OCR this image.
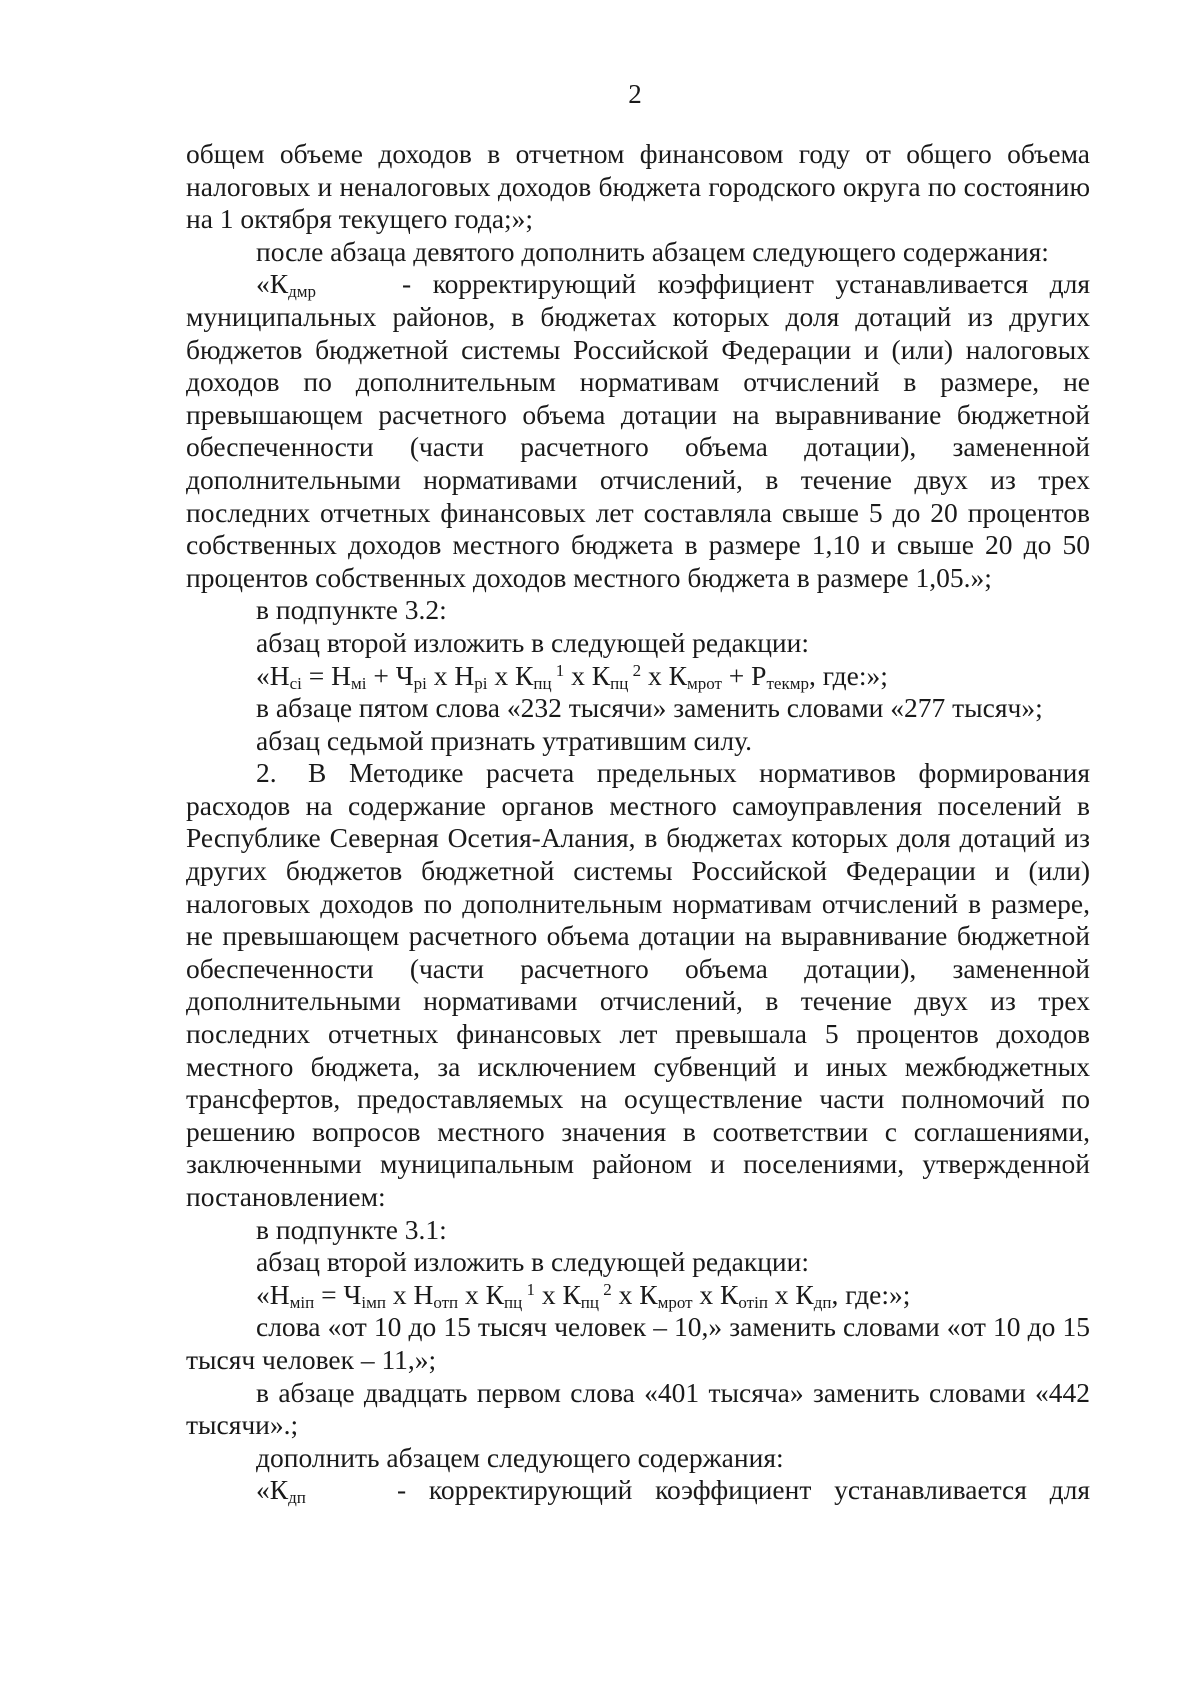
2

общем объеме доходов в отчетном финансовом году от общего объема налоговых и неналоговых доходов бюджета городского округа по состоянию на 1 октября текущего года;»;

после абзаца девятого дополнить абзацем следующего содержания:

«$К_{дмр}$	- корректирующий коэффициент устанавливается для муниципальных районов, в бюджетах которых доля дотаций из других бюджетов бюджетной системы Российской Федерации и (или) налоговых доходов по дополнительным нормативам отчислений в размере, не превышающем расчетного объема дотации на выравнивание бюджетной обеспеченности (части расчетного объема дотации), замененной дополнительными нормативами отчислений, в течение двух из трех последних отчетных финансовых лет составляла свыше 5 до 20 процентов собственных доходов местного бюджета в размере 1,10 и свыше 20 до 50 процентов собственных доходов местного бюджета в размере 1,05.»;

в подпункте 3.2:

абзац второй изложить в следующей редакции:

«$Н_{сi} = Н_{мi} + Ч_{рi}$ х $Н_{рi}$ х $К_{пц}$ $^1$ х $К_{пц}$ $^2$ х $К_{мрот} + Р_{текмр}$, где:»;

в абзаце пятом слова «232 тысячи» заменить словами «277 тысяч»;

абзац седьмой признать утратившим силу.

2. В Методике расчета предельных нормативов формирования расходов на содержание органов местного самоуправления поселений в Республике Северная Осетия-Алания, в бюджетах которых доля дотаций из других бюджетов бюджетной системы Российской Федерации и (или) налоговых доходов по дополнительным нормативам отчислений в размере, не превышающем расчетного объема дотации на выравнивание бюджетной обеспеченности (части расчетного объема дотации), замененной дополнительными нормативами отчислений, в течение двух из трех последних отчетных финансовых лет превышала 5 процентов доходов местного бюджета, за исключением субвенций и иных межбюджетных трансфертов, предоставляемых на осуществление части полномочий по решению вопросов местного значения в соответствии с соглашениями, заключенными муниципальным районом и поселениями, утвержденной постановлением:

в подпункте 3.1:

абзац второй изложить в следующей редакции:

«$Н_{мiп} = Ч_{iмп}$ х $Н_{отп}$ х $К_{пц}$ $^1$ х $К_{пц}$ $^2$ х $К_{мрот}$ х $К_{отiп}$ х $К_{дп}$, где:»;

слова «от 10 до 15 тысяч человек – 10,» заменить словами «от 10 до 15 тысяч человек – 11,»;

в абзаце двадцать первом слова «401 тысяча» заменить словами «442 тысячи».;

дополнить абзацем следующего содержания:

«$К_{дп}$	- корректирующий коэффициент устанавливается для
